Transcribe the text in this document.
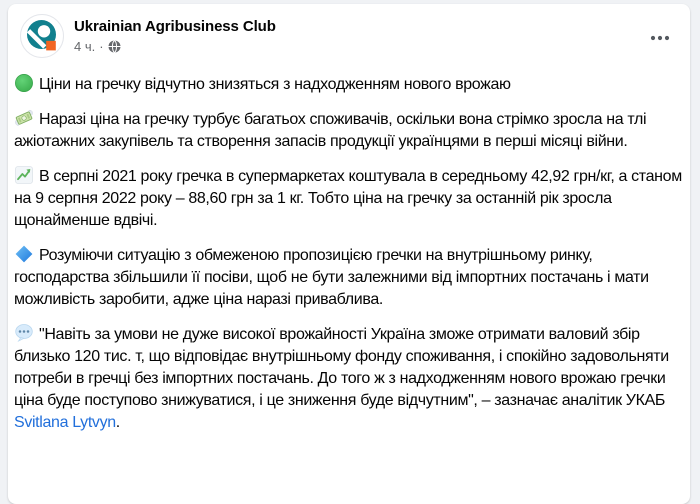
Ukrainian Agribusiness Club
4 ч. ·
Ціни на гречку відчутно знизяться з надходженням нового врожаю
Наразі ціна на гречку турбує багатьох споживачів, оскільки вона стрімко зросла на тлі ажіотажних закупівель та створення запасів продукції українцями в перші місяці війни.
В серпні 2021 року гречка в супермаркетах коштувала в середньому 42,92 грн/кг, а станом на 9 серпня 2022 року – 88,60 грн за 1 кг. Тобто ціна на гречку за останній рік зросла щонайменше вдвічі.
Розуміючи ситуацію з обмеженою пропозицією гречки на внутрішньому ринку, господарства збільшили її посіви, щоб не бути залежними від імпортних постачань і мати можливість заробити, адже ціна наразі приваблива.
"Навіть за умови не дуже високої врожайності Україна зможе отримати валовий збір близько 120 тис. т, що відповідає внутрішньому фонду споживання, і спокійно задовольняти потреби в гречці без імпортних постачань. До того ж з надходженням нового врожаю гречки ціна буде поступово знижуватися, і це зниження буде відчутним", – зазначає аналітик УКАБ Svitlana Lytvyn.
